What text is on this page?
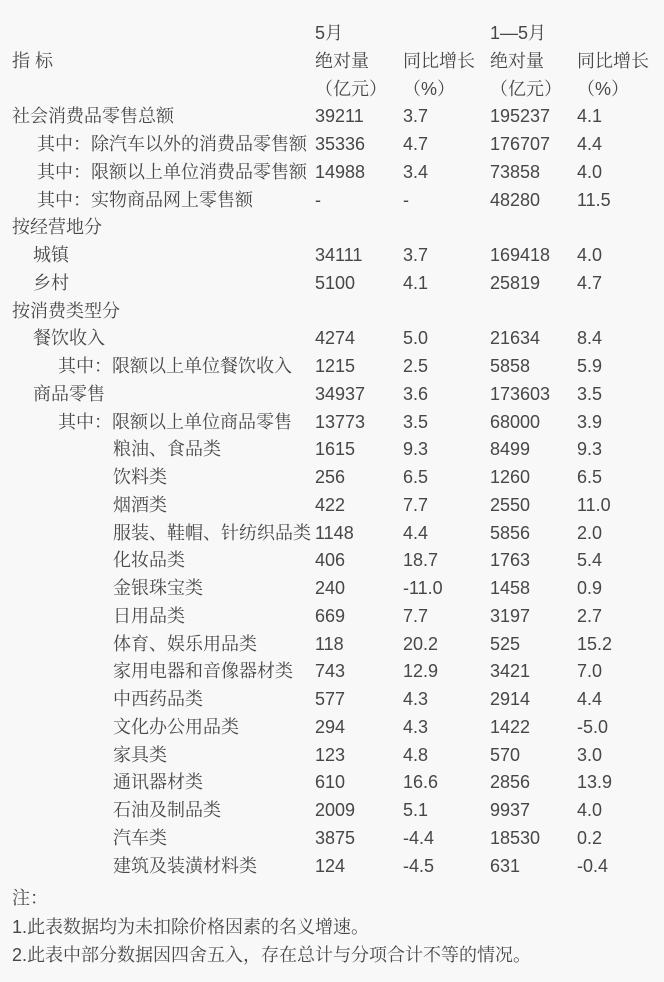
	5月		1—5月	
指 标	绝对量	同比增长	绝对量	同比增长
	（亿元）	（%）	（亿元）	（%）
社会消费品零售总额	39211	3.7	195237	4.1
其中：除汽车以外的消费品零售额	35336	4.7	176707	4.4
其中：限额以上单位消费品零售额	14988	3.4	73858	4.0
其中：实物商品网上零售额	-	-	48280	11.5
按经营地分				
城镇	34111	3.7	169418	4.0
乡村	5100	4.1	25819	4.7
按消费类型分				
餐饮收入	4274	5.0	21634	8.4
其中：限额以上单位餐饮收入	1215	2.5	5858	5.9
商品零售	34937	3.6	173603	3.5
其中：限额以上单位商品零售	13773	3.5	68000	3.9
粮油、食品类	1615	9.3	8499	9.3
饮料类	256	6.5	1260	6.5
烟酒类	422	7.7	2550	11.0
服装、鞋帽、针纺织品类	1148	4.4	5856	2.0
化妆品类	406	18.7	1763	5.4
金银珠宝类	240	-11.0	1458	0.9
日用品类	669	7.7	3197	2.7
体育、娱乐用品类	118	20.2	525	15.2
家用电器和音像器材类	743	12.9	3421	7.0
中西药品类	577	4.3	2914	4.4
文化办公用品类	294	4.3	1422	-5.0
家具类	123	4.8	570	3.0
通讯器材类	610	16.6	2856	13.9
石油及制品类	2009	5.1	9937	4.0
汽车类	3875	-4.4	18530	0.2
建筑及装潢材料类	124	-4.5	631	-0.4
注：
1.此表数据均为未扣除价格因素的名义增速。
2.此表中部分数据因四舍五入，存在总计与分项合计不等的情况。
